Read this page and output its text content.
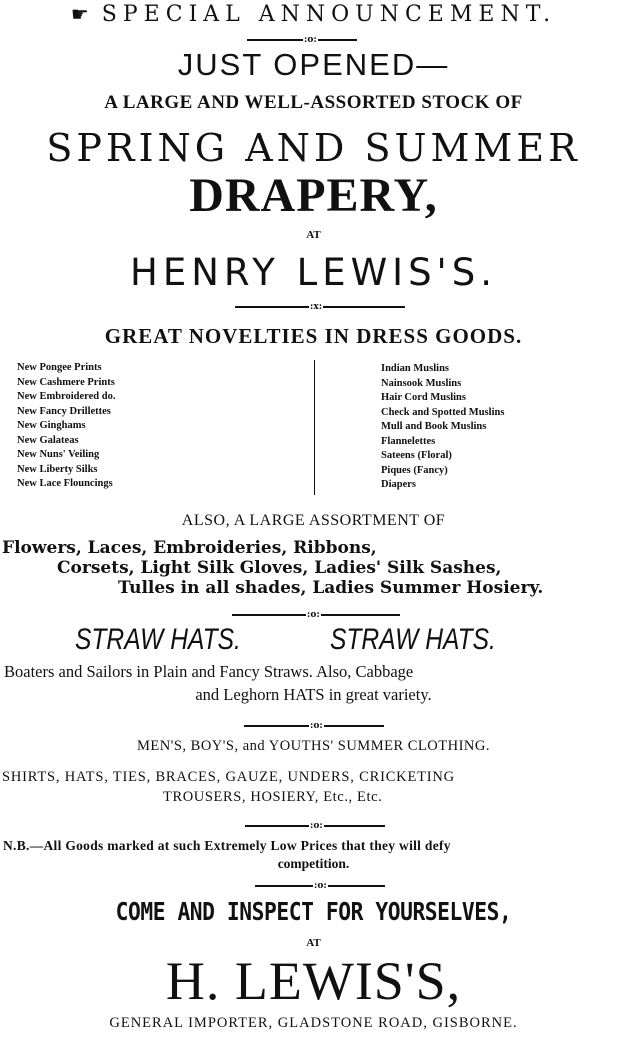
☛ SPECIAL ANNOUNCEMENT.
:o:
JUST OPENED—
A LARGE AND WELL-ASSORTED STOCK OF
SPRING AND SUMMER
DRAPERY,
AT
HENRY LEWIS'S.
:x:
GREAT NOVELTIES IN DRESS GOODS.
New Pongee Prints
New Cashmere Prints
New Embroidered do.
New Fancy Drillettes
New Ginghams
New Galateas
New Nuns' Veiling
New Liberty Silks
New Lace Flouncings
Indian Muslins
Nainsook Muslins
Hair Cord Muslins
Check and Spotted Muslins
Mull and Book Muslins
Flannelettes
Sateens (Floral)
Piques (Fancy)
Diapers
ALSO, A LARGE ASSORTMENT OF
Flowers, Laces, Embroideries, Ribbons,
Corsets, Light Silk Gloves, Ladies' Silk Sashes,
Tulles in all shades, Ladies Summer Hosiery.
:o:
STRAW HATS.	STRAW HATS.
Boaters and Sailors in Plain and Fancy Straws. Also, Cabbage
and Leghorn HATS in great variety.
:o:
MEN'S, BOY'S, and YOUTHS' SUMMER CLOTHING.
SHIRTS, HATS, TIES, BRACES, GAUZE, UNDERS, CRICKETING
TROUSERS, HOSIERY, Etc., Etc.
:o:
N.B.—All Goods marked at such Extremely Low Prices that they will defy
competition.
:o:
COME AND INSPECT FOR YOURSELVES,
AT
H. LEWIS'S,
GENERAL IMPORTER, GLADSTONE ROAD, GISBORNE.
